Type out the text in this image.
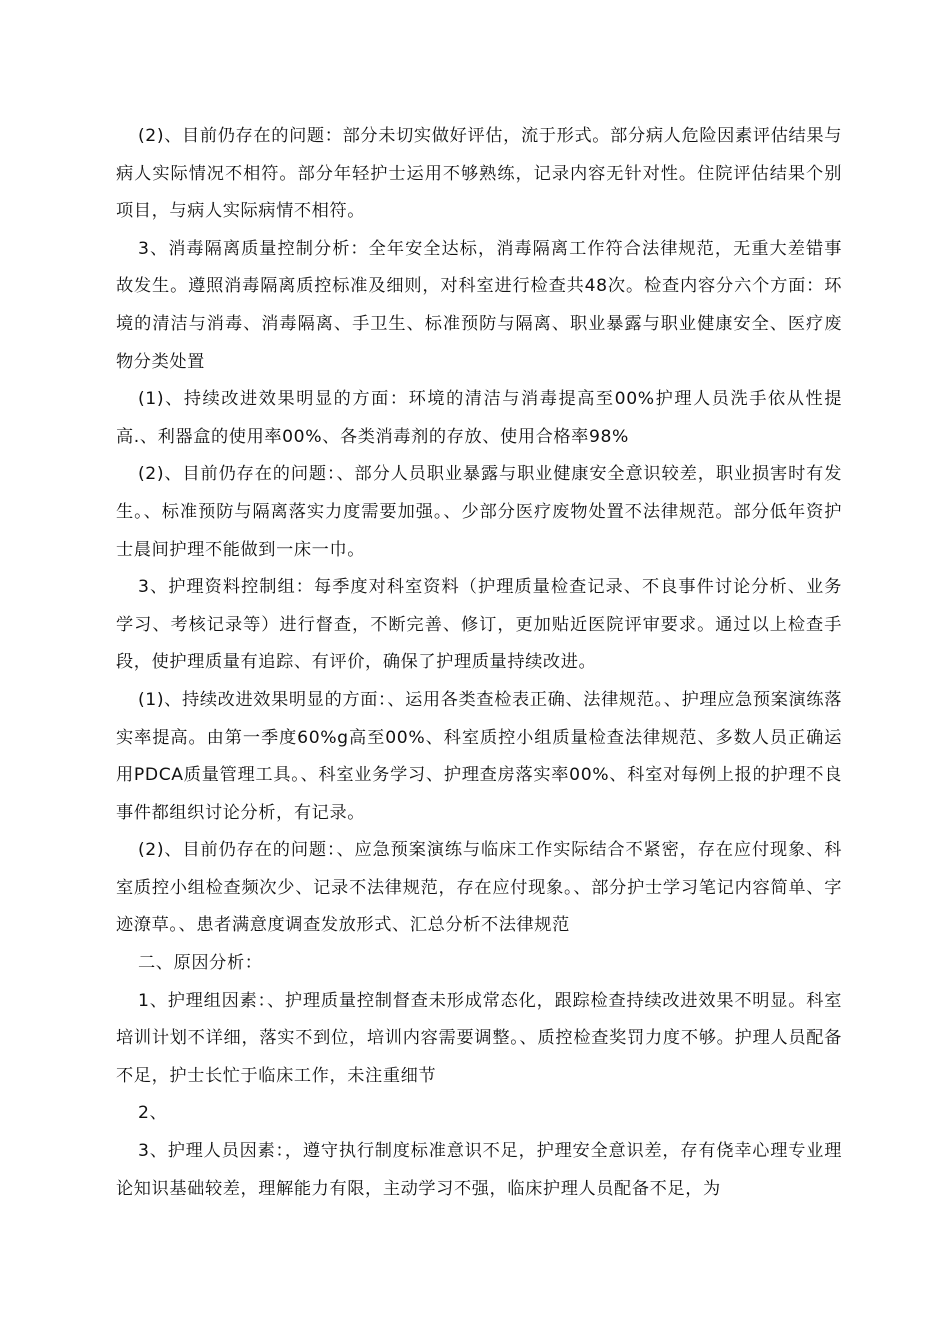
(2)、目前仍存在的问题：部分未切实做好评估，流于形式。部分病人危险因素评估结果与病人实际情况不相符。部分年轻护士运用不够熟练，记录内容无针对性。住院评估结果个别项目，与病人实际病情不相符。

3、消毒隔离质量控制分析：全年安全达标，消毒隔离工作符合法律规范，无重大差错事故发生。遵照消毒隔离质控标准及细则，对科室进行检查共48次。检查内容分六个方面：环境的清洁与消毒、消毒隔离、手卫生、标准预防与隔离、职业暴露与职业健康安全、医疗废物分类处置

(1)、持续改进效果明显的方面：环境的清洁与消毒提高至00%护理人员洗手依从性提高.、利器盒的使用率00%、各类消毒剂的存放、使用合格率98%

(2)、目前仍存在的问题：、部分人员职业暴露与职业健康安全意识较差，职业损害时有发生。、标准预防与隔离落实力度需要加强。、少部分医疗废物处置不法律规范。部分低年资护士晨间护理不能做到一床一巾。

3、护理资料控制组：每季度对科室资料（护理质量检查记录、不良事件讨论分析、业务学习、考核记录等）进行督查，不断完善、修订，更加贴近医院评审要求。通过以上检查手段，使护理质量有追踪、有评价，确保了护理质量持续改进。

(1)、持续改进效果明显的方面：、运用各类查检表正确、法律规范。、护理应急预案演练落实率提高。由第一季度60%g高至00%、科室质控小组质量检查法律规范、多数人员正确运用PDCA质量管理工具。、科室业务学习、护理查房落实率00%、科室对每例上报的护理不良事件都组织讨论分析，有记录。

(2)、目前仍存在的问题：、应急预案演练与临床工作实际结合不紧密，存在应付现象、科室质控小组检查频次少、记录不法律规范，存在应付现象。、部分护士学习笔记内容简单、字迹潦草。、患者满意度调查发放形式、汇总分析不法律规范

二、原因分析：

1、护理组因素：、护理质量控制督查未形成常态化，跟踪检查持续改进效果不明显。科室培训计划不详细，落实不到位，培训内容需要调整。、质控检查奖罚力度不够。护理人员配备不足，护士长忙于临床工作，未注重细节

2、

3、护理人员因素：，遵守执行制度标准意识不足，护理安全意识差，存有侥幸心理专业理论知识基础较差，理解能力有限，主动学习不强，临床护理人员配备不足，为
